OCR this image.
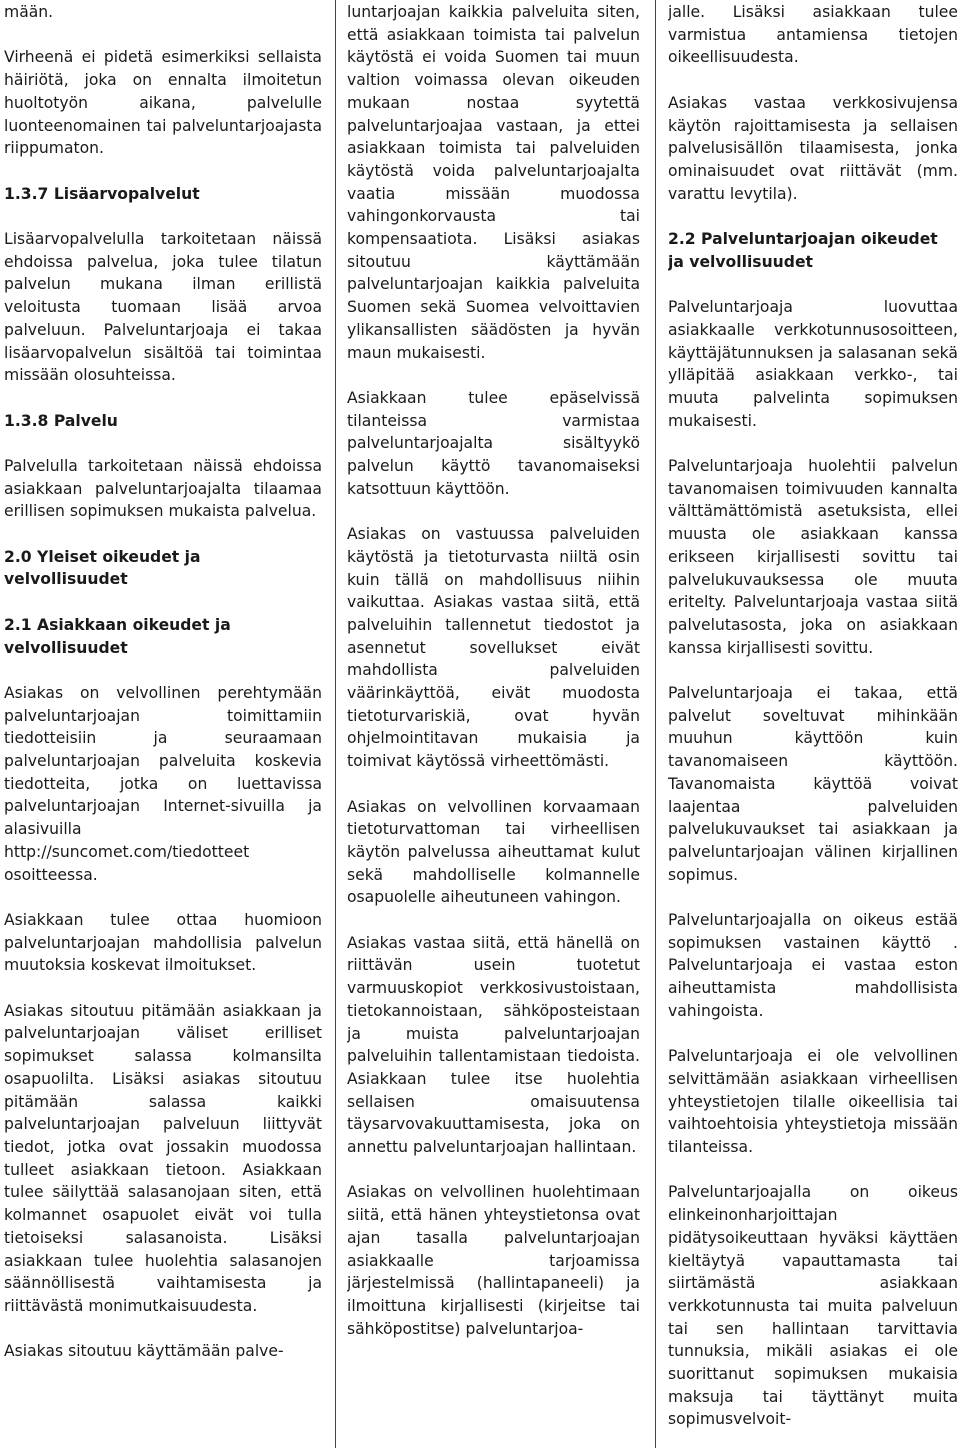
mään.

Virheenä ei pidetä esimerkiksi sellaista häiriötä, joka on ennalta ilmoitetun huoltotyön aikana, palvelulle luonteenomainen tai palveluntarjoajasta riippumaton.

1.3.7 Lisäarvopalvelut

Lisäarvopalvelulla tarkoitetaan näissä ehdoissa palvelua, joka tulee tilatun palvelun mukana ilman erillistä veloitusta tuomaan lisää arvoa palveluun. Palveluntarjoaja ei takaa lisäarvopalvelun sisältöä tai toimintaa missään olosuhteissa.

1.3.8 Palvelu

Palvelulla tarkoitetaan näissä ehdoissa asiakkaan palveluntarjoajalta tilaamaa erillisen sopimuksen mukaista palvelua.

2.0 Yleiset oikeudet ja velvollisuudet
2.1 Asiakkaan oikeudet ja velvollisuudet

Asiakas on velvollinen perehtymään palveluntarjoajan toimittamiin tiedotteisiin ja seuraamaan palveluntarjoajan palveluita koskevia tiedotteita, jotka on luettavissa palveluntarjoajan Internet-sivuilla ja alasivuilla http://suncomet.com/tiedotteet osoitteessa.

Asiakkaan tulee ottaa huomioon palveluntarjoajan mahdollisia palvelun muutoksia koskevat ilmoitukset.

Asiakas sitoutuu pitämään asiakkaan ja palveluntarjoajan väliset erilliset sopimukset salassa kolmansilta osapuolilta. Lisäksi asiakas sitoutuu pitämään salassa kaikki palveluntarjoajan palveluun liittyvät tiedot, jotka ovat jossakin muodossa tulleet asiakkaan tietoon. Asiakkaan tulee säilyttää salasanojaan siten, että kolmannet osapuolet eivät voi tulla tietoiseksi salasanoista. Lisäksi asiakkaan tulee huolehtia salasanojen säännöllisestä vaihtamisesta ja riittävästä monimutkaisuudesta.

Asiakas sitoutuu käyttämään palve-

luntarjoajan kaikkia palveluita siten, että asiakkaan toimista tai palvelun käytöstä ei voida Suomen tai muun valtion voimassa olevan oikeuden mukaan nostaa syytettä palveluntarjoajaa vastaan, ja ettei asiakkaan toimista tai palveluiden käytöstä voida palveluntarjoajalta vaatia missään muodossa vahingonkorvausta tai kompensaatiota. Lisäksi asiakas sitoutuu käyttämään palveluntarjoajan kaikkia palveluita Suomen sekä Suomea velvoittavien ylikansallisten säädösten ja hyvän maun mukaisesti.

Asiakkaan tulee epäselvissä tilanteissa varmistaa palveluntarjoajalta sisältyykö palvelun käyttö tavanomaiseksi katsottuun käyttöön.

Asiakas on vastuussa palveluiden käytöstä ja tietoturvasta niiltä osin kuin tällä on mahdollisuus niihin vaikuttaa. Asiakas vastaa siitä, että palveluihin tallennetut tiedostot ja asennetut sovellukset eivät mahdollista palveluiden väärinkäyttöä, eivät muodosta tietoturvariskiä, ovat hyvän ohjelmointitavan mukaisia ja toimivat käytössä virheettömästi.

Asiakas on velvollinen korvaamaan tietoturvattoman tai virheellisen käytön palvelussa aiheuttamat kulut sekä mahdolliselle kolmannelle osapuolelle aiheutuneen vahingon.

Asiakas vastaa siitä, että hänellä on riittävän usein tuotetut varmuuskopiot verkkosivustoistaan, tietokannoistaan, sähköposteistaan ja muista palveluntarjoajan palveluihin tallentamistaan tiedoista. Asiakkaan tulee itse huolehtia sellaisen omaisuutensa täysarvovakuuttamisesta, joka on annettu palveluntarjoajan hallintaan.

Asiakas on velvollinen huolehtimaan siitä, että hänen yhteystietonsa ovat ajan tasalla palveluntarjoajan asiakkaalle tarjoamissa järjestelmissä (hallintapaneeli) ja ilmoittuna kirjallisesti (kirjeitse tai sähköpostitse) palveluntarjoa-

jalle. Lisäksi asiakkaan tulee varmistua antamiensa tietojen oikeellisuudesta.

Asiakas vastaa verkkosivujensa käytön rajoittamisesta ja sellaisen palvelusisällön tilaamisesta, jonka ominaisuudet ovat riittävät (mm. varattu levytila).

2.2 Palveluntarjoajan oikeudet ja velvollisuudet

Palveluntarjoaja luovuttaa asiakkaalle verkkotunnusosoitteen, käyttäjätunnuksen ja salasanan sekä ylläpitää asiakkaan verkko-, tai muuta palvelinta sopimuksen mukaisesti.

Palveluntarjoaja huolehtii palvelun tavanomaisen toimivuuden kannalta välttämättömistä asetuksista, ellei muusta ole asiakkaan kanssa erikseen kirjallisesti sovittu tai palvelukuvauksessa ole muuta eritelty. Palveluntarjoaja vastaa siitä palvelutasosta, joka on asiakkaan kanssa kirjallisesti sovittu.

Palveluntarjoaja ei takaa, että palvelut soveltuvat mihinkään muuhun käyttöön kuin tavanomaiseen käyttöön. Tavanomaista käyttöä voivat laajentaa palveluiden palvelukuvaukset tai asiakkaan ja palveluntarjoajan välinen kirjallinen sopimus.

Palveluntarjoajalla on oikeus estää sopimuksen vastainen käyttö . Palveluntarjoaja ei vastaa eston aiheuttamista mahdollisista vahingoista.

Palveluntarjoaja ei ole velvollinen selvittämään asiakkaan virheellisen yhteystietojen tilalle oikeellisia tai vaihtoehtoisia yhteystietoja missään tilanteissa.

Palveluntarjoajalla on oikeus elinkeinonharjoittajan pidätysoikeuttaan hyväksi käyttäen kieltäytyä vapauttamasta tai siirtämästä asiakkaan verkkotunnusta tai muita palveluun tai sen hallintaan tarvittavia tunnuksia, mikäli asiakas ei ole suorittanut sopimuksen mukaisia maksuja tai täyttänyt muita sopimusvelvoit-
